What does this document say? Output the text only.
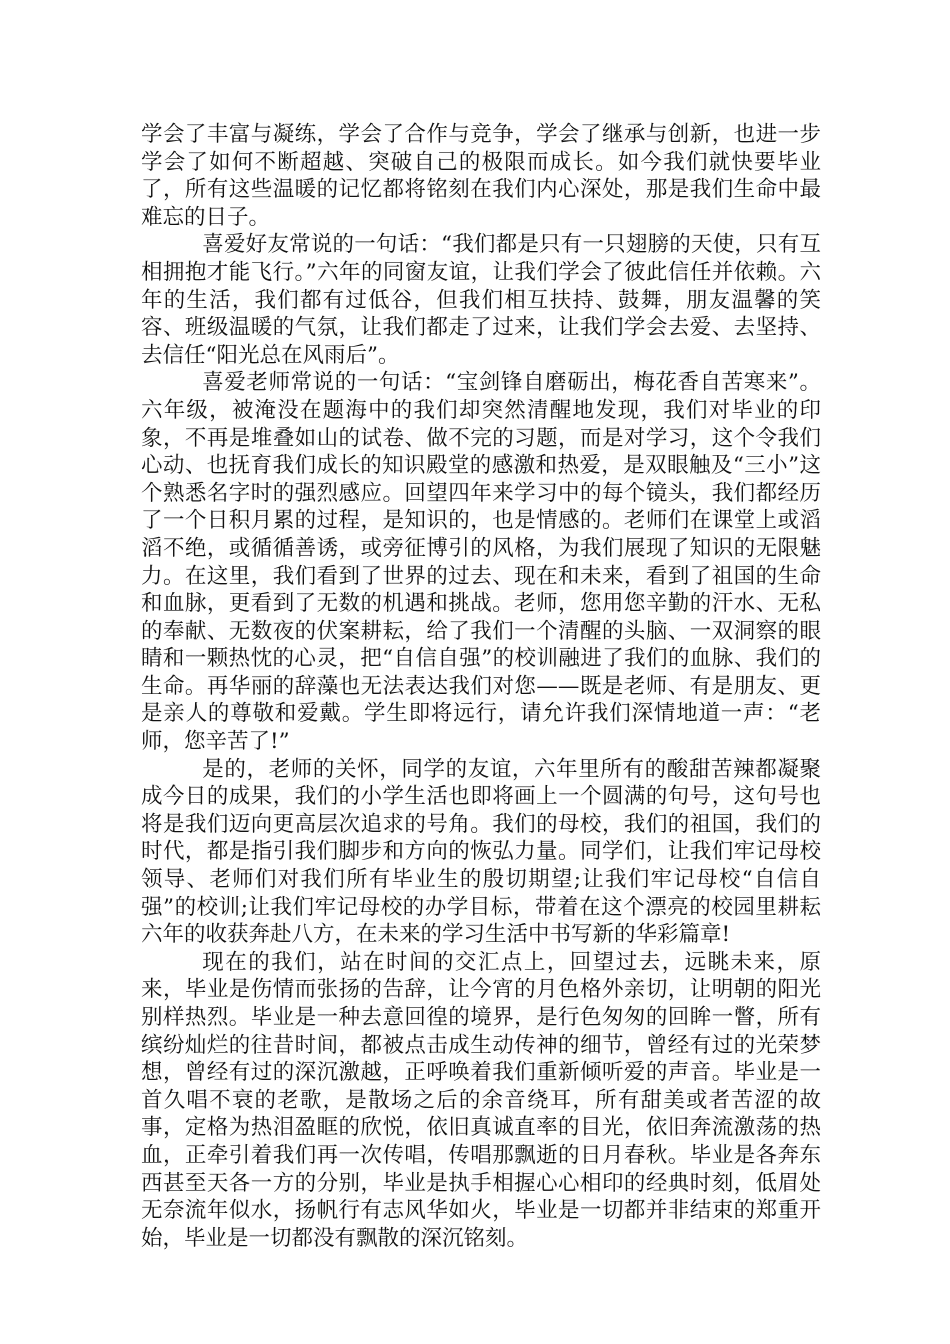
学会了丰富与凝练，学会了合作与竞争，学会了继承与创新，也进一步学会了如何不断超越、突破自己的极限而成长。如今我们就快要毕业了，所有这些温暖的记忆都将铭刻在我们内心深处，那是我们生命中最难忘的日子。

喜爱好友常说的一句话：“我们都是只有一只翅膀的天使，只有互相拥抱才能飞行。”六年的同窗友谊，让我们学会了彼此信任并依赖。六年的生活，我们都有过低谷，但我们相互扶持、鼓舞，朋友温馨的笑容、班级温暖的气氛，让我们都走了过来，让我们学会去爱、去坚持、去信任“阳光总在风雨后”。

喜爱老师常说的一句话：“宝剑锋自磨砺出，梅花香自苦寒来”。六年级，被淹没在题海中的我们却突然清醒地发现，我们对毕业的印象，不再是堆叠如山的试卷、做不完的习题，而是对学习，这个令我们心动、也抚育我们成长的知识殿堂的感激和热爱，是双眼触及“三小”这个熟悉名字时的强烈感应。回望四年来学习中的每个镜头，我们都经历了一个日积月累的过程，是知识的，也是情感的。老师们在课堂上或滔滔不绝，或循循善诱，或旁征博引的风格，为我们展现了知识的无限魅力。在这里，我们看到了世界的过去、现在和未来，看到了祖国的生命和血脉，更看到了无数的机遇和挑战。老师，您用您辛勤的汗水、无私的奉献、无数夜的伏案耕耘，给了我们一个清醒的头脑、一双洞察的眼睛和一颗热忱的心灵，把“自信自强”的校训融进了我们的血脉、我们的生命。再华丽的辞藻也无法表达我们对您——既是老师、有是朋友、更是亲人的尊敬和爱戴。学生即将远行，请允许我们深情地道一声：“老师，您辛苦了!”

是的，老师的关怀，同学的友谊，六年里所有的酸甜苦辣都凝聚成今日的成果，我们的小学生活也即将画上一个圆满的句号，这句号也将是我们迈向更高层次追求的号角。我们的母校，我们的祖国，我们的时代，都是指引我们脚步和方向的恢弘力量。同学们，让我们牢记母校领导、老师们对我们所有毕业生的殷切期望;让我们牢记母校“自信自强”的校训;让我们牢记母校的办学目标，带着在这个漂亮的校园里耕耘六年的收获奔赴八方，在未来的学习生活中书写新的华彩篇章!

现在的我们，站在时间的交汇点上，回望过去，远眺未来，原来，毕业是伤情而张扬的告辞，让今宵的月色格外亲切，让明朝的阳光别样热烈。毕业是一种去意回徨的境界，是行色匆匆的回眸一瞥，所有缤纷灿烂的往昔时间，都被点击成生动传神的细节，曾经有过的光荣梦想，曾经有过的深沉激越，正呼唤着我们重新倾听爱的声音。毕业是一首久唱不衰的老歌，是散场之后的余音绕耳，所有甜美或者苦涩的故事，定格为热泪盈眶的欣悦，依旧真诚直率的目光，依旧奔流激荡的热血，正牵引着我们再一次传唱，传唱那飘逝的日月春秋。毕业是各奔东西甚至天各一方的分别，毕业是执手相握心心相印的经典时刻，低眉处无奈流年似水，扬帆行有志风华如火，毕业是一切都并非结束的郑重开始，毕业是一切都没有飘散的深沉铭刻。
